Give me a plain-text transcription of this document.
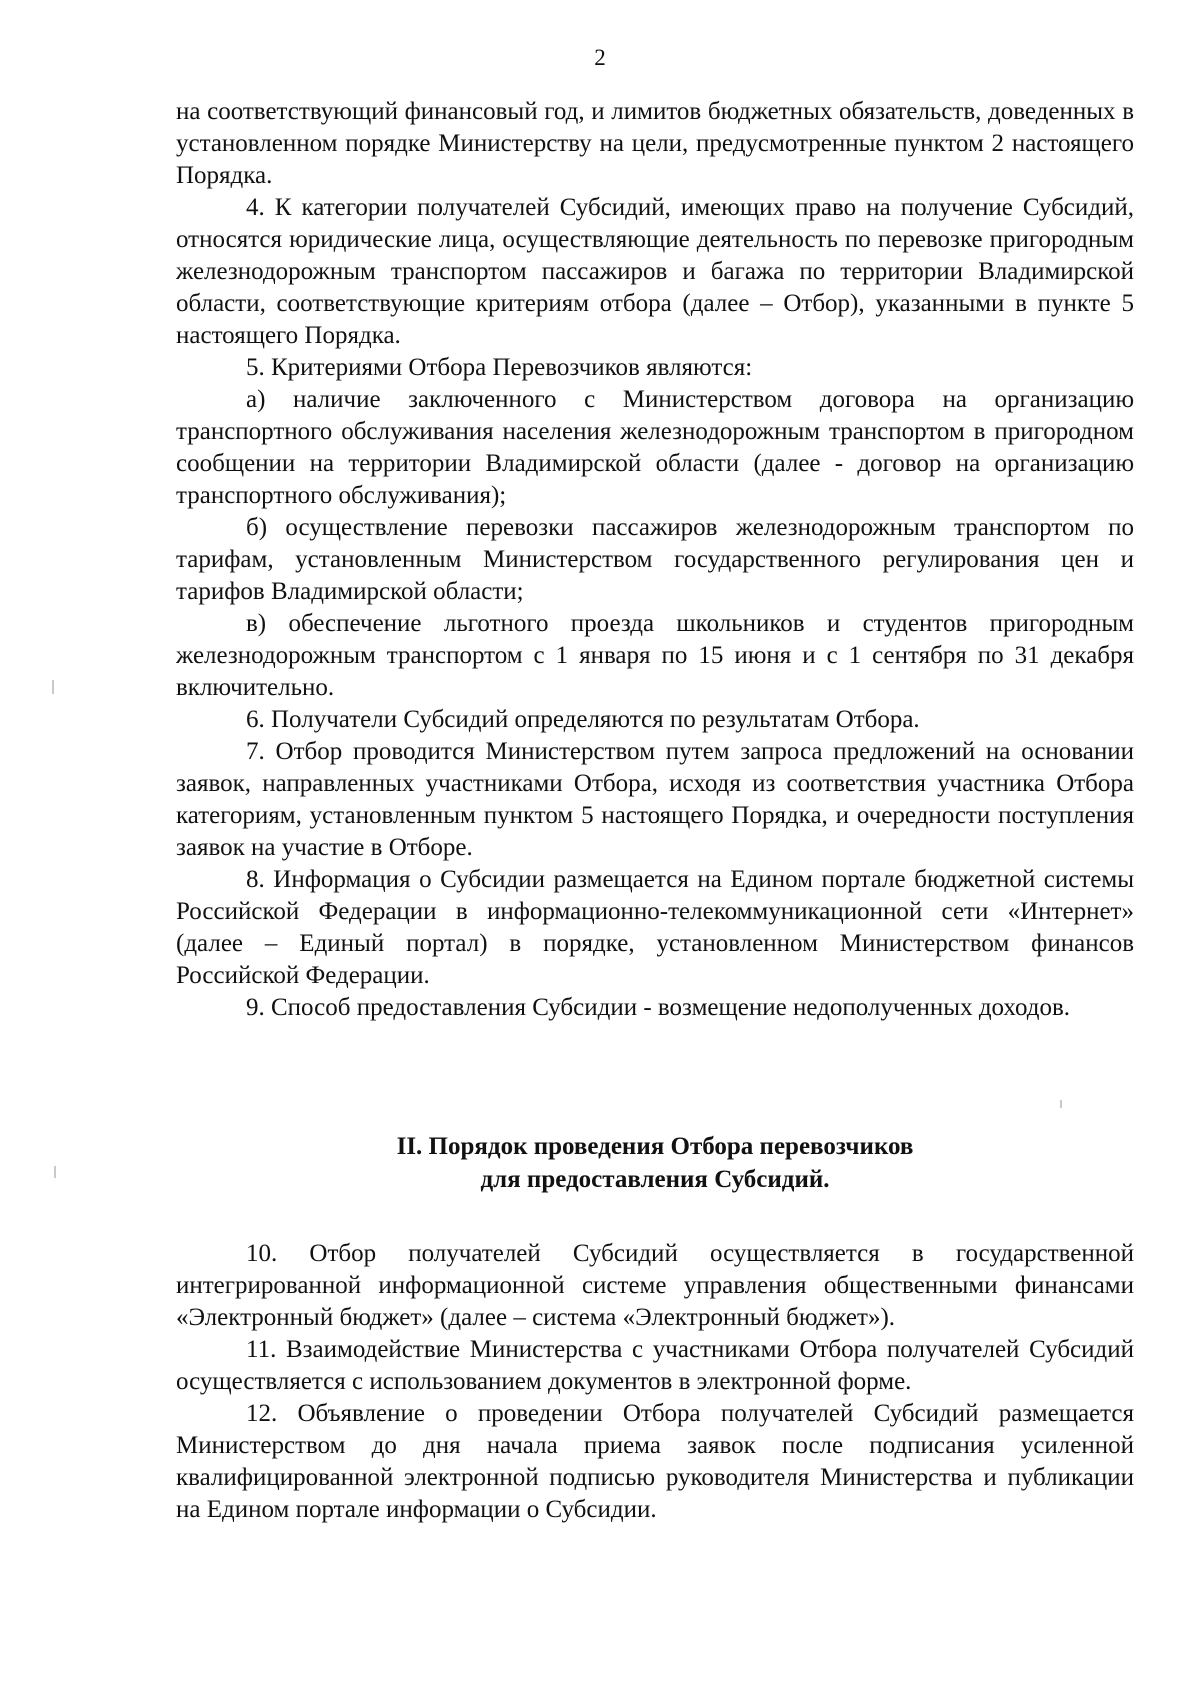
2

на соответствующий финансовый год, и лимитов бюджетных обязательств, доведенных в установленном порядке Министерству на цели, предусмотренные пунктом 2 настоящего Порядка.

4. К категории получателей Субсидий, имеющих право на получение Субсидий, относятся юридические лица, осуществляющие деятельность по перевозке пригородным железнодорожным транспортом пассажиров и багажа по территории Владимирской области, соответствующие критериям отбора (далее – Отбор), указанными в пункте 5 настоящего Порядка.

5. Критериями Отбора Перевозчиков являются:

а) наличие заключенного с Министерством договора на организацию транспортного обслуживания населения железнодорожным транспортом в пригородном сообщении на территории Владимирской области (далее - договор на организацию транспортного обслуживания);

б) осуществление перевозки пассажиров железнодорожным транспортом по тарифам, установленным Министерством государственного регулирования цен и тарифов Владимирской области;

в) обеспечение льготного проезда школьников и студентов пригородным железнодорожным транспортом с 1 января по 15 июня и с 1 сентября по 31 декабря включительно.

6. Получатели Субсидий определяются по результатам Отбора.

7. Отбор проводится Министерством путем запроса предложений на основании заявок, направленных участниками Отбора, исходя из соответствия участника Отбора категориям, установленным пунктом 5 настоящего Порядка, и очередности поступления заявок на участие в Отборе.

8. Информация о Субсидии размещается на Едином портале бюджетной системы Российской Федерации в информационно-телекоммуникационной сети «Интернет» (далее – Единый портал) в порядке, установленном Министерством финансов Российской Федерации.

9. Способ предоставления Субсидии - возмещение недополученных доходов.

II. Порядок проведения Отбора перевозчиков
для предоставления Субсидий.

10. Отбор получателей Субсидий осуществляется в государственной интегрированной информационной системе управления общественными финансами «Электронный бюджет» (далее – система «Электронный бюджет»).

11. Взаимодействие Министерства с участниками Отбора получателей Субсидий осуществляется с использованием документов в электронной форме.

12. Объявление о проведении Отбора получателей Субсидий размещается Министерством до дня начала приема заявок после подписания усиленной квалифицированной электронной подписью руководителя Министерства и публикации на Едином портале информации о Субсидии.
